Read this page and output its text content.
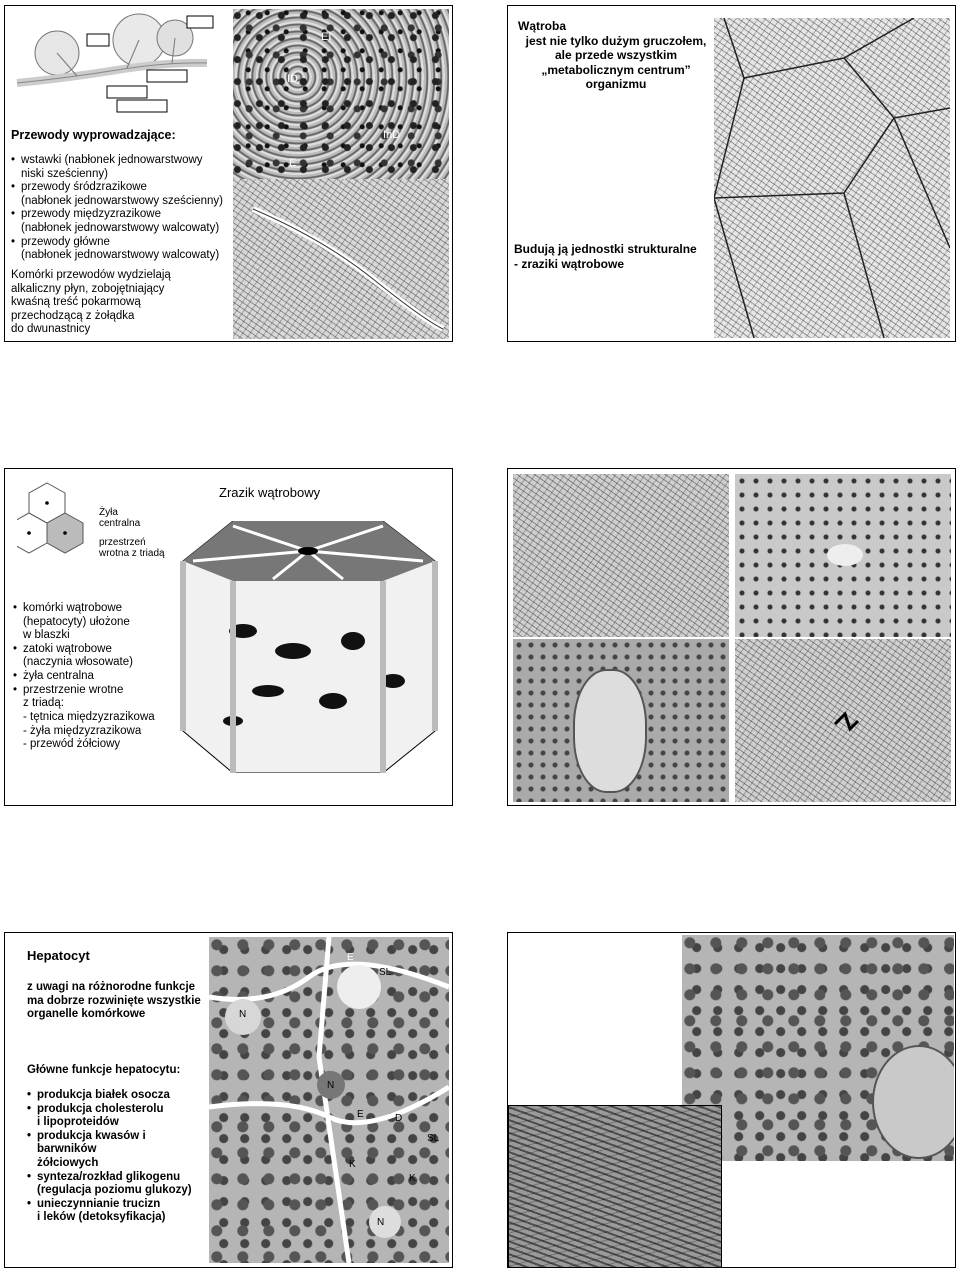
Przewody wyprowadzające:
• wstawki (nabłonek jednowarstwowy
niski sześcienny)
• przewody śródzrazikowe
(nabłonek jednowarstwowy sześcienny)
• przewody międzyzrazikowe
(nabłonek jednowarstwowy walcowaty)
• przewody główne
(nabłonek jednowarstwowy walcowaty)
Komórki przewodów wydzielają
alkaliczny płyn, zobojętniający
kwaśną treść pokarmową
przechodzącą z żołądka
do dwunastnicy
EI
ID
InD
E
Wątroba
jest nie tylko dużym gruczołem,
ale przede wszystkim
„metabolicznym centrum”
organizmu
Budują ją jednostki strukturalne
- zraziki wątrobowe
Żyła
centralna
przestrzeń
wrotna z triadą
Zrazik wątrobowy
• komórki wątrobowe
(hepatocyty) ułożone
w blaszki
• zatoki wątrobowe
(naczynia włosowate)
• żyła centralna
• przestrzenie wrotne
z triadą:
- tętnica międzyzrazikowa
- żyła międzyzrazikowa
- przewód żółciowy
Hepatocyt
z uwagi na różnorodne funkcje
ma dobrze rozwinięte wszystkie
organelle komórkowe
Główne funkcje hepatocytu:
• produkcja białek osocza
• produkcja cholesterolu
i lipoproteidów
• produkcja kwasów i barwników
żółciowych
• synteza/rozkład glikogenu
(regulacja poziomu glukozy)
• unieczynnianie trucizn
i leków (detoksyfikacja)
E
SL
N
N
E	D
SL
K
K
N
